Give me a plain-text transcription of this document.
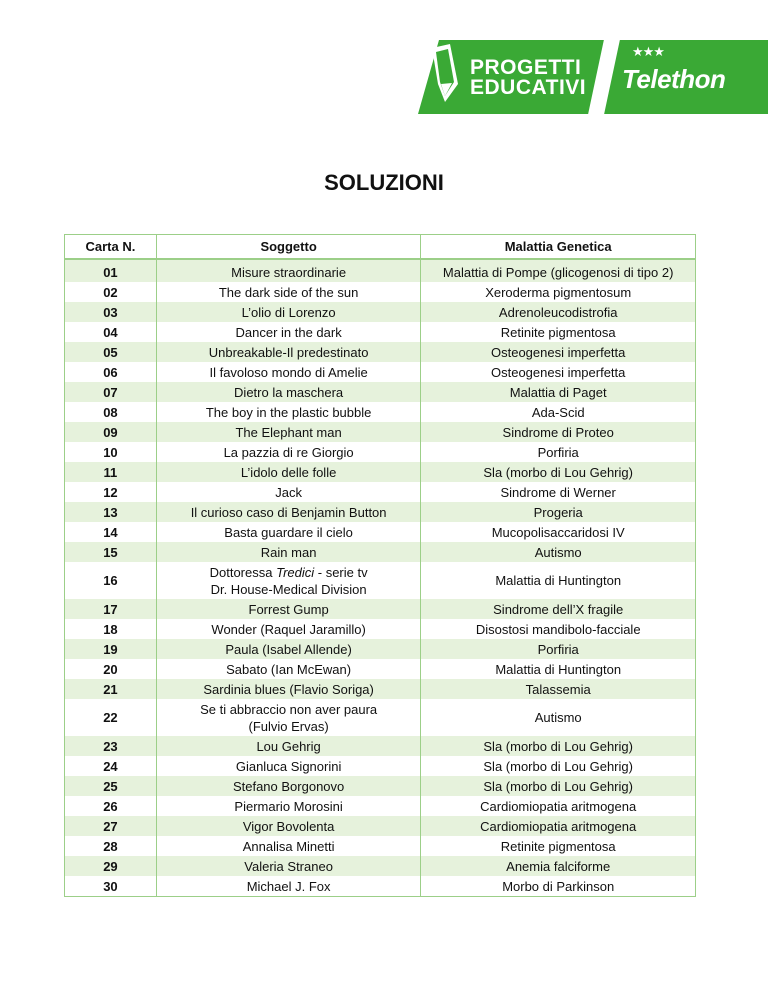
PROGETTI
EDUCATIVI
★★★
Telethon
SOLUZIONI
Carta N.	Soggetto	Malattia Genetica
01	Misure straordinarie	Malattia di Pompe (glicogenosi di tipo 2)
02	The dark side of the sun	Xeroderma pigmentosum
03	L’olio di Lorenzo	Adrenoleucodistrofia
04	Dancer in the dark	Retinite pigmentosa
05	Unbreakable-Il predestinato	Osteogenesi imperfetta
06	Il favoloso mondo di Amelie	Osteogenesi imperfetta
07	Dietro la maschera	Malattia di Paget
08	The boy in the plastic bubble	Ada-Scid
09	The Elephant man	Sindrome di Proteo
10	La pazzia di re Giorgio	Porfiria
11	L’idolo delle folle	Sla (morbo di Lou Gehrig)
12	Jack	Sindrome di Werner
13	Il curioso caso di Benjamin Button	Progeria
14	Basta guardare il cielo	Mucopolisaccaridosi IV
15	Rain man	Autismo
16	Dottoressa Tredici - serie tv
Dr. House-Medical Division	Malattia di Huntington
17	Forrest Gump	Sindrome dell’X fragile
18	Wonder (Raquel Jaramillo)	Disostosi mandibolo-facciale
19	Paula (Isabel Allende)	Porfiria
20	Sabato (Ian McEwan)	Malattia di Huntington
21	Sardinia blues (Flavio Soriga)	Talassemia
22	Se ti abbraccio non aver paura
(Fulvio Ervas)	Autismo
23	Lou Gehrig	Sla (morbo di Lou Gehrig)
24	Gianluca Signorini	Sla (morbo di Lou Gehrig)
25	Stefano Borgonovo	Sla (morbo di Lou Gehrig)
26	Piermario Morosini	Cardiomiopatia aritmogena
27	Vigor Bovolenta	Cardiomiopatia aritmogena
28	Annalisa Minetti	Retinite pigmentosa
29	Valeria Straneo	Anemia falciforme
30	Michael J. Fox	Morbo di Parkinson
